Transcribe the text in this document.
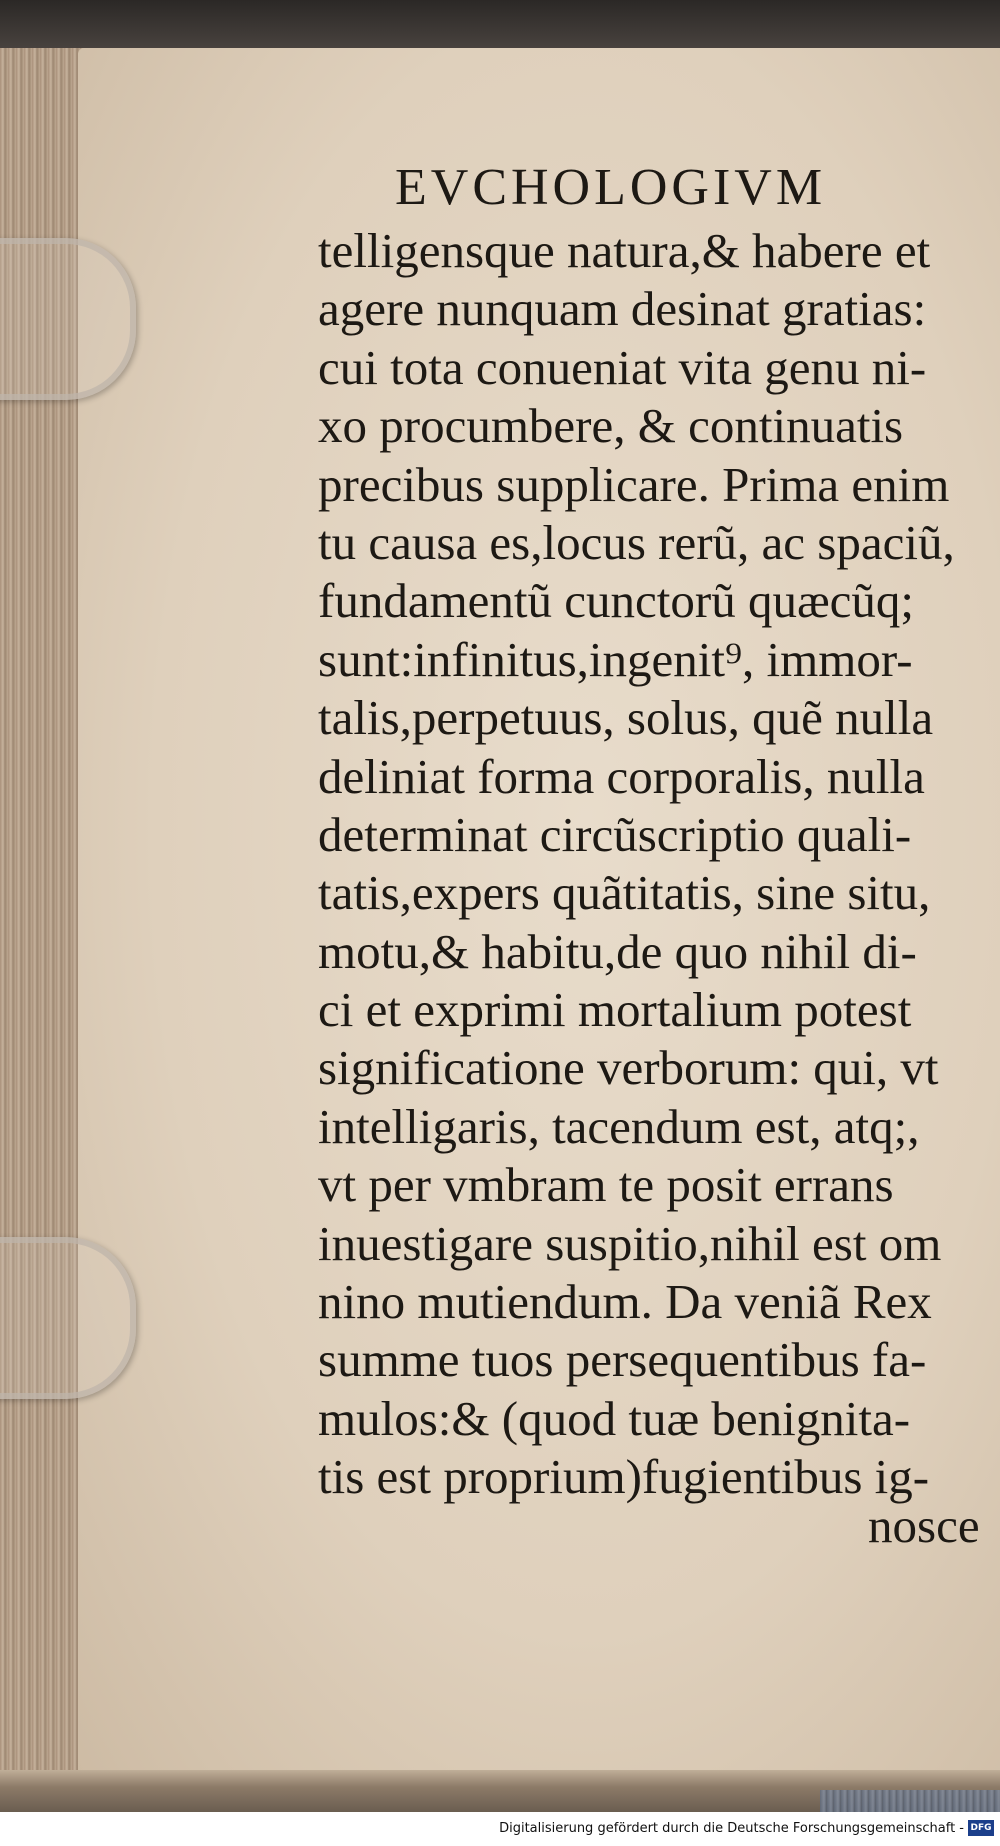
EVCHOLOGIVM
telligensque natura,& habere et
agere nunquam desinat gratias:
cui tota conueniat vita genu ni-
xo procumbere, & continuatis
precibus supplicare. Prima enim
tu causa es,locus rerũ, ac spaciũ,
fundamentũ cunctorũ quæcũq;
sunt:infinitus,ingenit⁹, immor-
talis,perpetuus, solus, quẽ nulla
deliniat forma corporalis, nulla
determinat circũscriptio quali-
tatis,expers quãtitatis, sine situ,
motu,& habitu,de quo nihil di-
ci et exprimi mortalium potest
significatione verborum: qui, vt
intelligaris, tacendum est, atq;,
vt per vmbram te posit errans
inuestigare suspitio,nihil est om
nino mutiendum. Da veniã Rex
summe tuos persequentibus fa-
mulos:& (quod tuæ benignita-
tis est proprium)fugientibus ig-
nosce
Digitalisierung gefördert durch die Deutsche Forschungsgemeinschaft - DFG
